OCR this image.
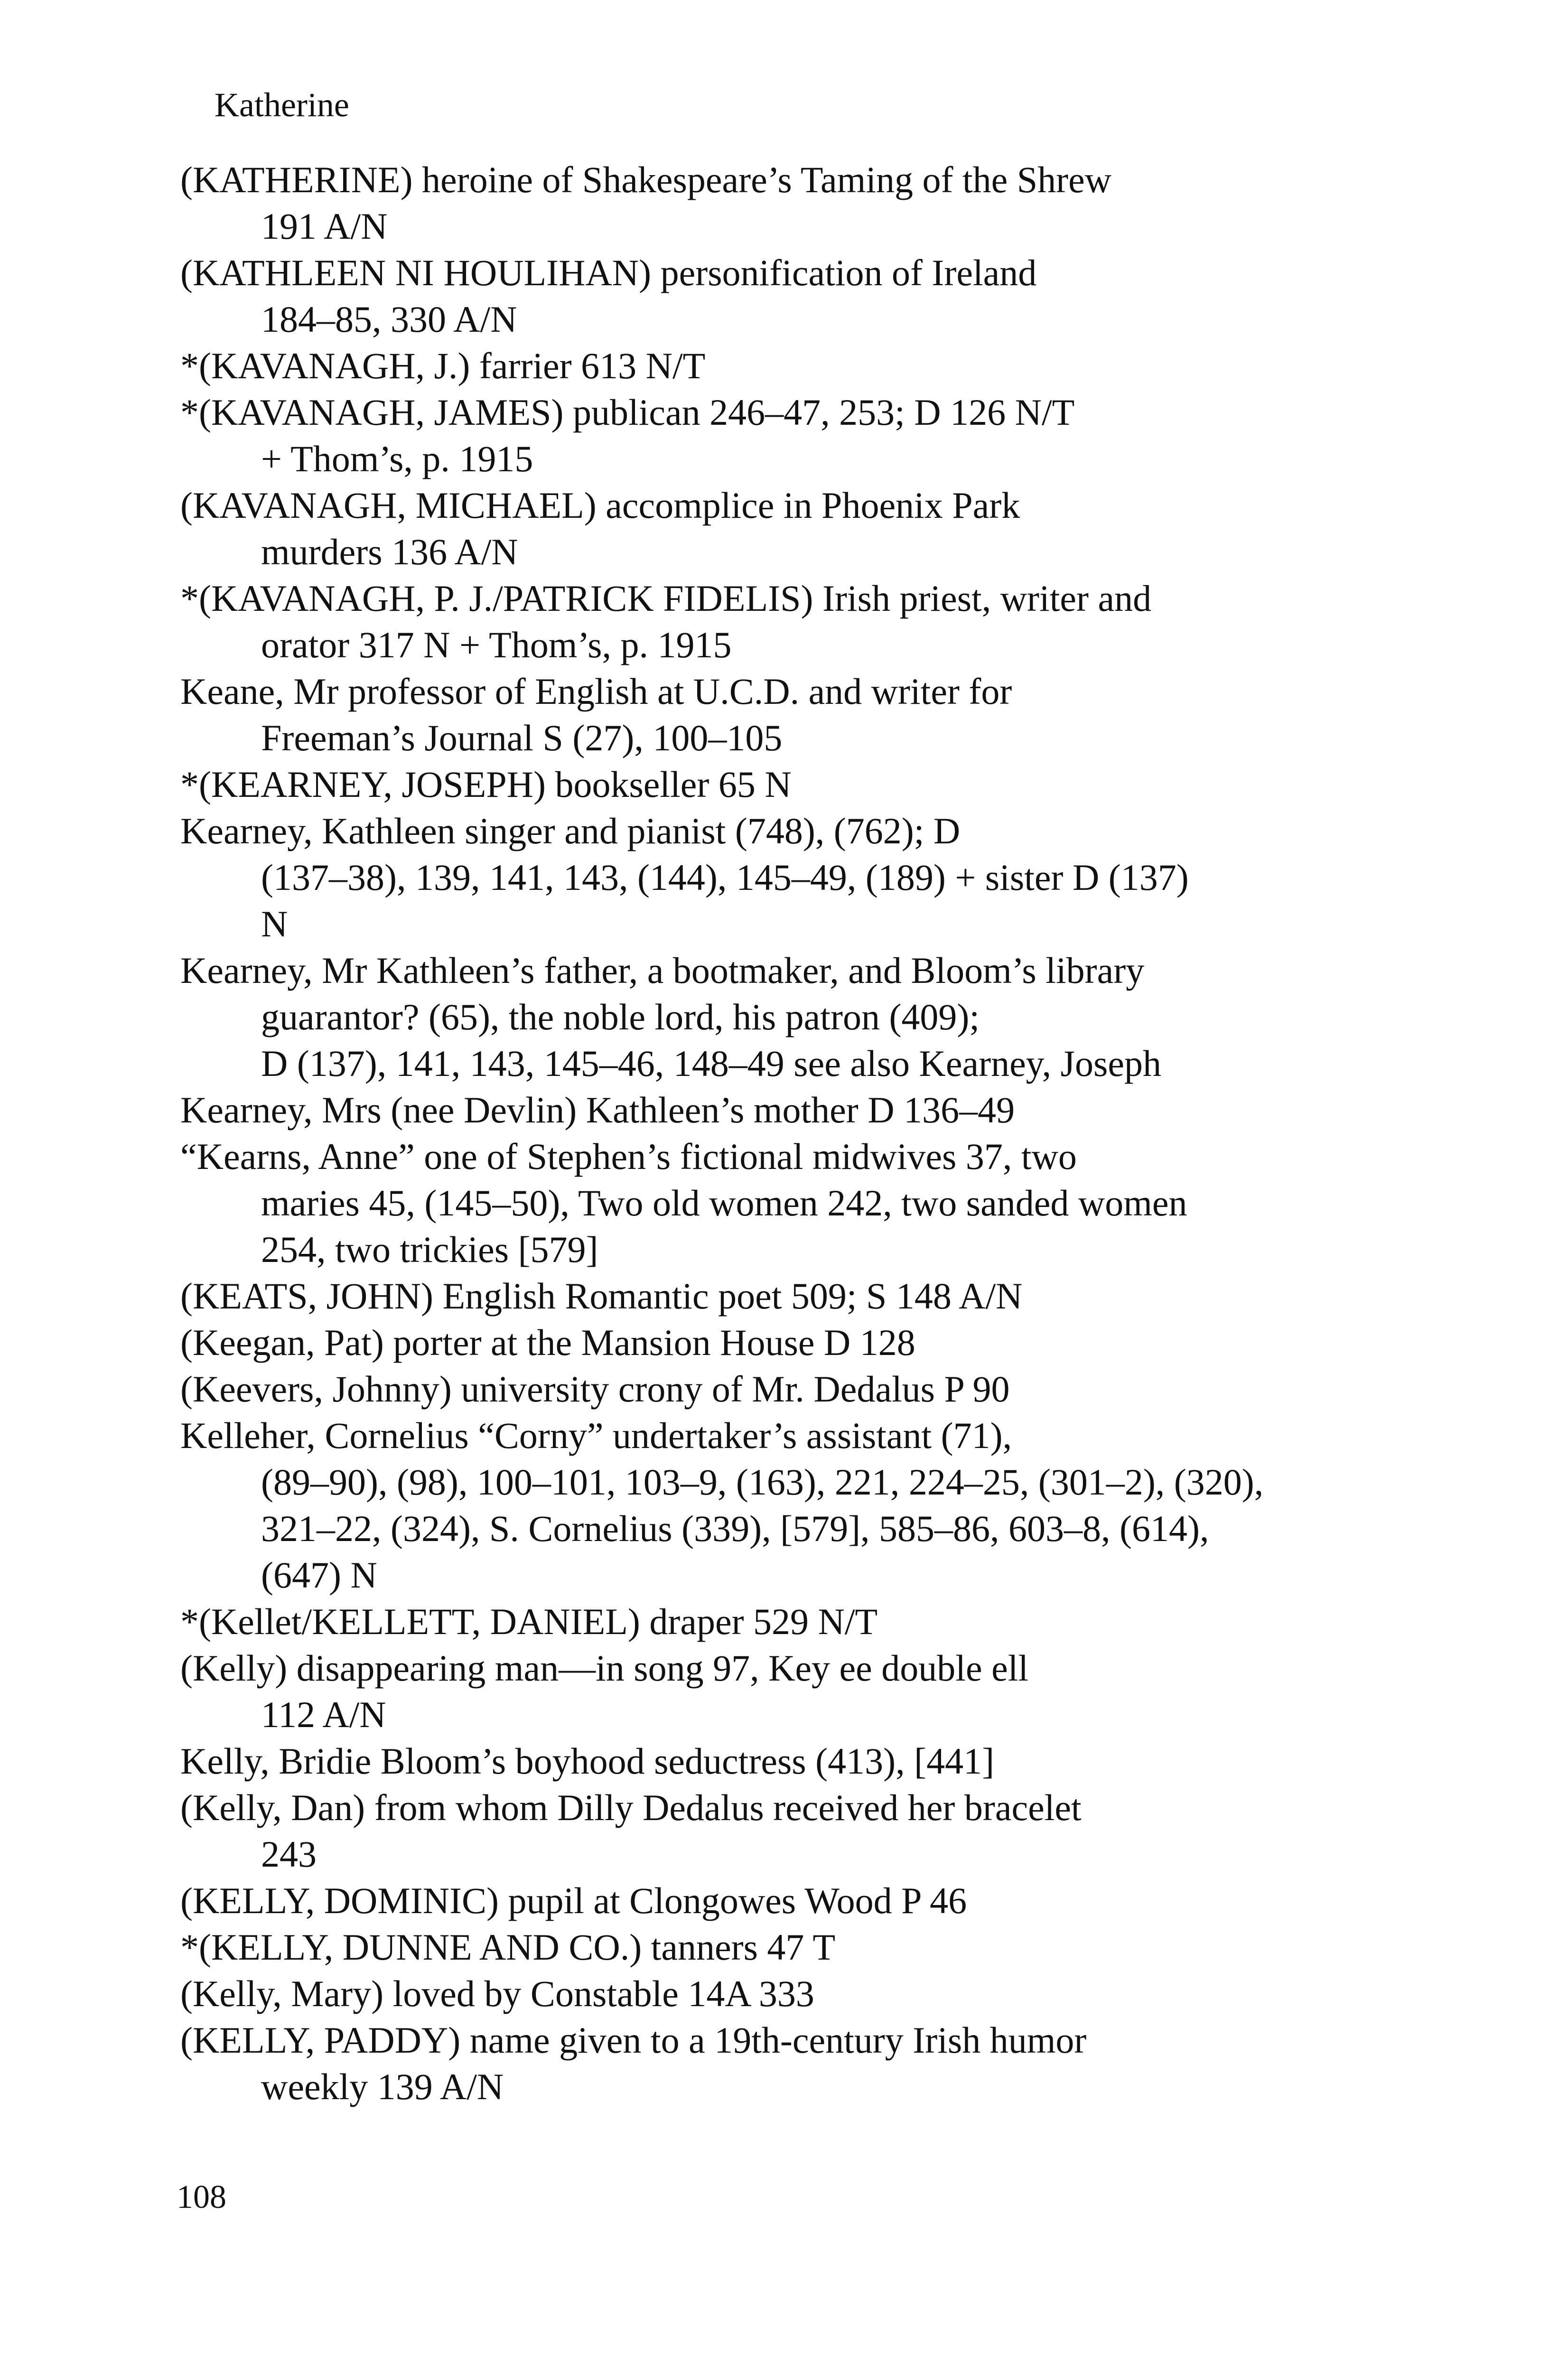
Katherine
(KATHERINE) heroine of Shakespeare’s Taming of the Shrew
191 A/N
(KATHLEEN NI HOULIHAN) personification of Ireland
184–85, 330 A/N
*(KAVANAGH, J.) farrier 613 N/T
*(KAVANAGH, JAMES) publican 246–47, 253; D 126 N/T
+ Thom’s, p. 1915
(KAVANAGH, MICHAEL) accomplice in Phoenix Park
murders 136 A/N
*(KAVANAGH, P. J./PATRICK FIDELIS) Irish priest, writer and
orator 317 N + Thom’s, p. 1915
Keane, Mr professor of English at U.C.D. and writer for
Freeman’s Journal S (27), 100–105
*(KEARNEY, JOSEPH) bookseller 65 N
Kearney, Kathleen singer and pianist (748), (762); D
(137–38), 139, 141, 143, (144), 145–49, (189) + sister D (137)
N
Kearney, Mr Kathleen’s father, a bootmaker, and Bloom’s library
guarantor? (65), the noble lord, his patron (409);
D (137), 141, 143, 145–46, 148–49 see also Kearney, Joseph
Kearney, Mrs (nee Devlin) Kathleen’s mother D 136–49
“Kearns, Anne” one of Stephen’s fictional midwives 37, two
maries 45, (145–50), Two old women 242, two sanded women
254, two trickies [579]
(KEATS, JOHN) English Romantic poet 509; S 148 A/N
(Keegan, Pat) porter at the Mansion House D 128
(Keevers, Johnny) university crony of Mr. Dedalus P 90
Kelleher, Cornelius “Corny” undertaker’s assistant (71),
(89–90), (98), 100–101, 103–9, (163), 221, 224–25, (301–2), (320),
321–22, (324), S. Cornelius (339), [579], 585–86, 603–8, (614),
(647) N
*(Kellet/KELLETT, DANIEL) draper 529 N/T
(Kelly) disappearing man—in song 97, Key ee double ell
112 A/N
Kelly, Bridie Bloom’s boyhood seductress (413), [441]
(Kelly, Dan) from whom Dilly Dedalus received her bracelet
243
(KELLY, DOMINIC) pupil at Clongowes Wood P 46
*(KELLY, DUNNE AND CO.) tanners 47 T
(Kelly, Mary) loved by Constable 14A 333
(KELLY, PADDY) name given to a 19th-century Irish humor
weekly 139 A/N
108
